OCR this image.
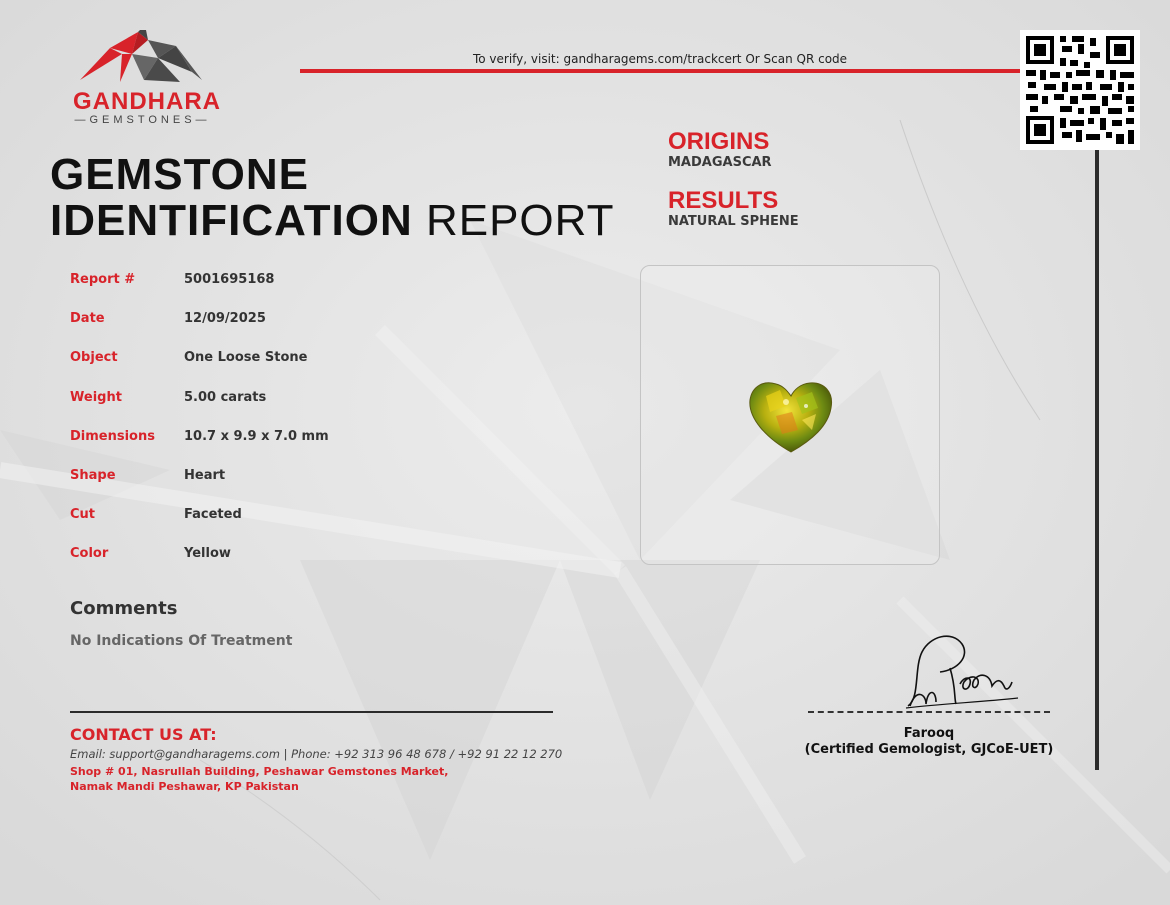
GANDHARA
—GEMSTONES—
To verify, visit: gandharagems.com/trackcert Or Scan QR code
GEMSTONE
IDENTIFICATION REPORT
ORIGINS
MADAGASCAR
RESULTS
NATURAL SPHENE
Report #	5001695168
Date	12/09/2025
Object	One Loose Stone
Weight	5.00 carats
Dimensions 10.7 x 9.9 x 7.0 mm
Shape	Heart
Cut	Faceted
Color	Yellow
Comments
No Indications Of Treatment
CONTACT US AT:
Email: support@gandharagems.com | Phone: +92 313 96 48 678 / +92 91 22 12 270
Shop # 01, Nasrullah Building, Peshawar Gemstones Market,
Namak Mandi Peshawar, KP Pakistan
Farooq
(Certified Gemologist, GJCoE-UET)
